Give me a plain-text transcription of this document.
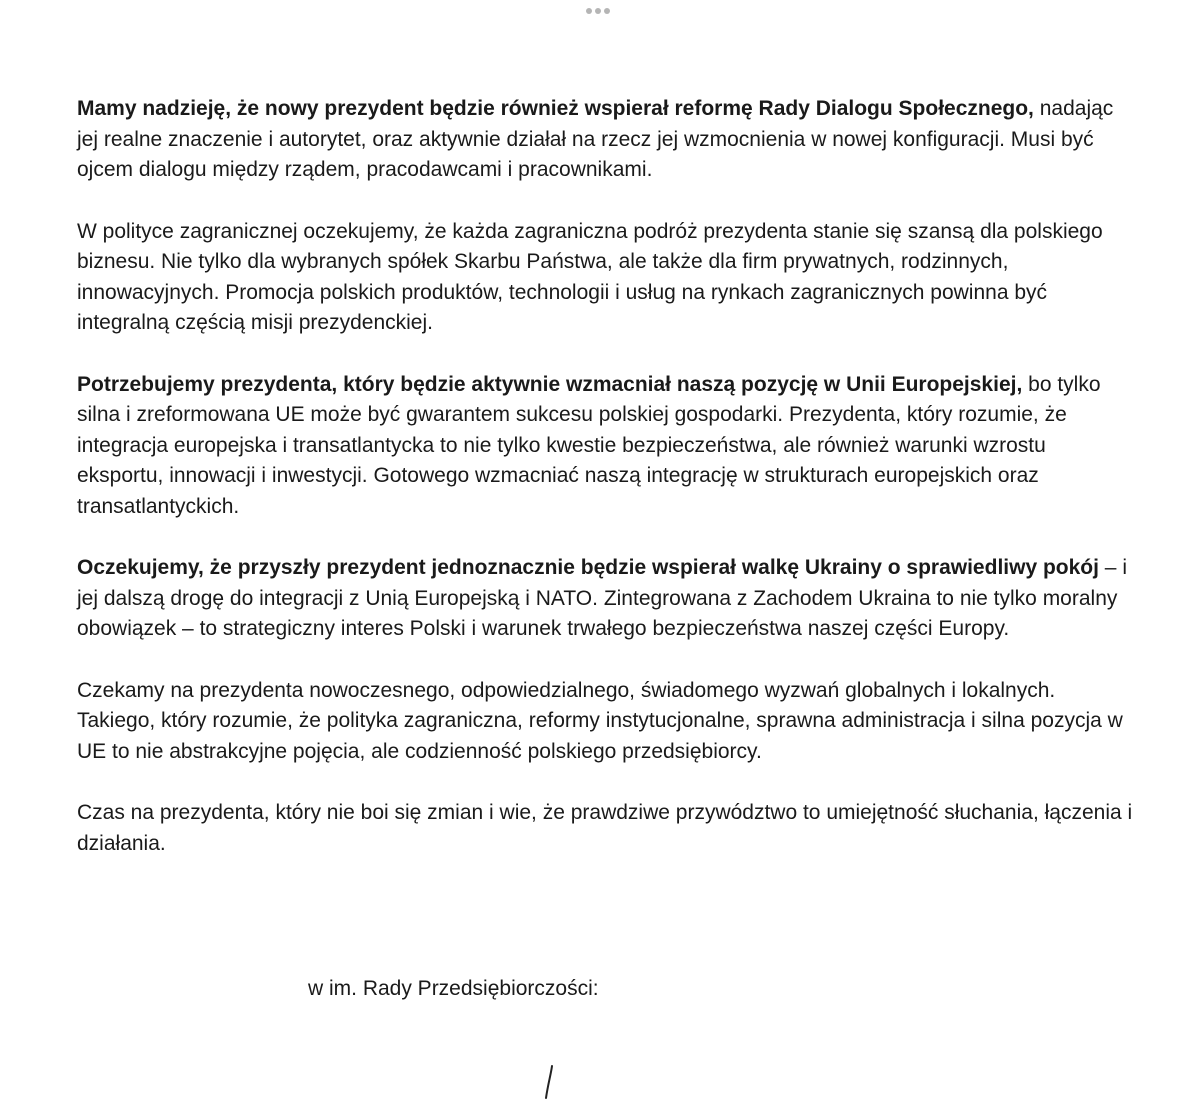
Mamy nadzieję, że nowy prezydent będzie również wspierał reformę Rady Dialogu Społecznego, nadając jej realne znaczenie i autorytet, oraz aktywnie działał na rzecz jej wzmocnienia w nowej konfiguracji. Musi być ojcem dialogu między rządem, pracodawcami i pracownikami.

W polityce zagranicznej oczekujemy, że każda zagraniczna podróż prezydenta stanie się szansą dla polskiego biznesu. Nie tylko dla wybranych spółek Skarbu Państwa, ale także dla firm prywatnych, rodzinnych, innowacyjnych. Promocja polskich produktów, technologii i usług na rynkach zagranicznych powinna być integralną częścią misji prezydenckiej.

Potrzebujemy prezydenta, który będzie aktywnie wzmacniał naszą pozycję w Unii Europejskiej, bo tylko silna i zreformowana UE może być gwarantem sukcesu polskiej gospodarki. Prezydenta, który rozumie, że integracja europejska i transatlantycka to nie tylko kwestie bezpieczeństwa, ale również warunki wzrostu eksportu, innowacji i inwestycji. Gotowego wzmacniać naszą integrację w strukturach europejskich oraz transatlantyckich.

Oczekujemy, że przyszły prezydent jednoznacznie będzie wspierał walkę Ukrainy o sprawiedliwy pokój – i jej dalszą drogę do integracji z Unią Europejską i NATO. Zintegrowana z Zachodem Ukraina to nie tylko moralny obowiązek – to strategiczny interes Polski i warunek trwałego bezpieczeństwa naszej części Europy.

Czekamy na prezydenta nowoczesnego, odpowiedzialnego, świadomego wyzwań globalnych i lokalnych. Takiego, który rozumie, że polityka zagraniczna, reformy instytucjonalne, sprawna administracja i silna pozycja w UE to nie abstrakcyjne pojęcia, ale codzienność polskiego przedsiębiorcy.

Czas na prezydenta, który nie boi się zmian i wie, że prawdziwe przywództwo to umiejętność słuchania, łączenia i działania.

w im. Rady Przedsiębiorczości:
